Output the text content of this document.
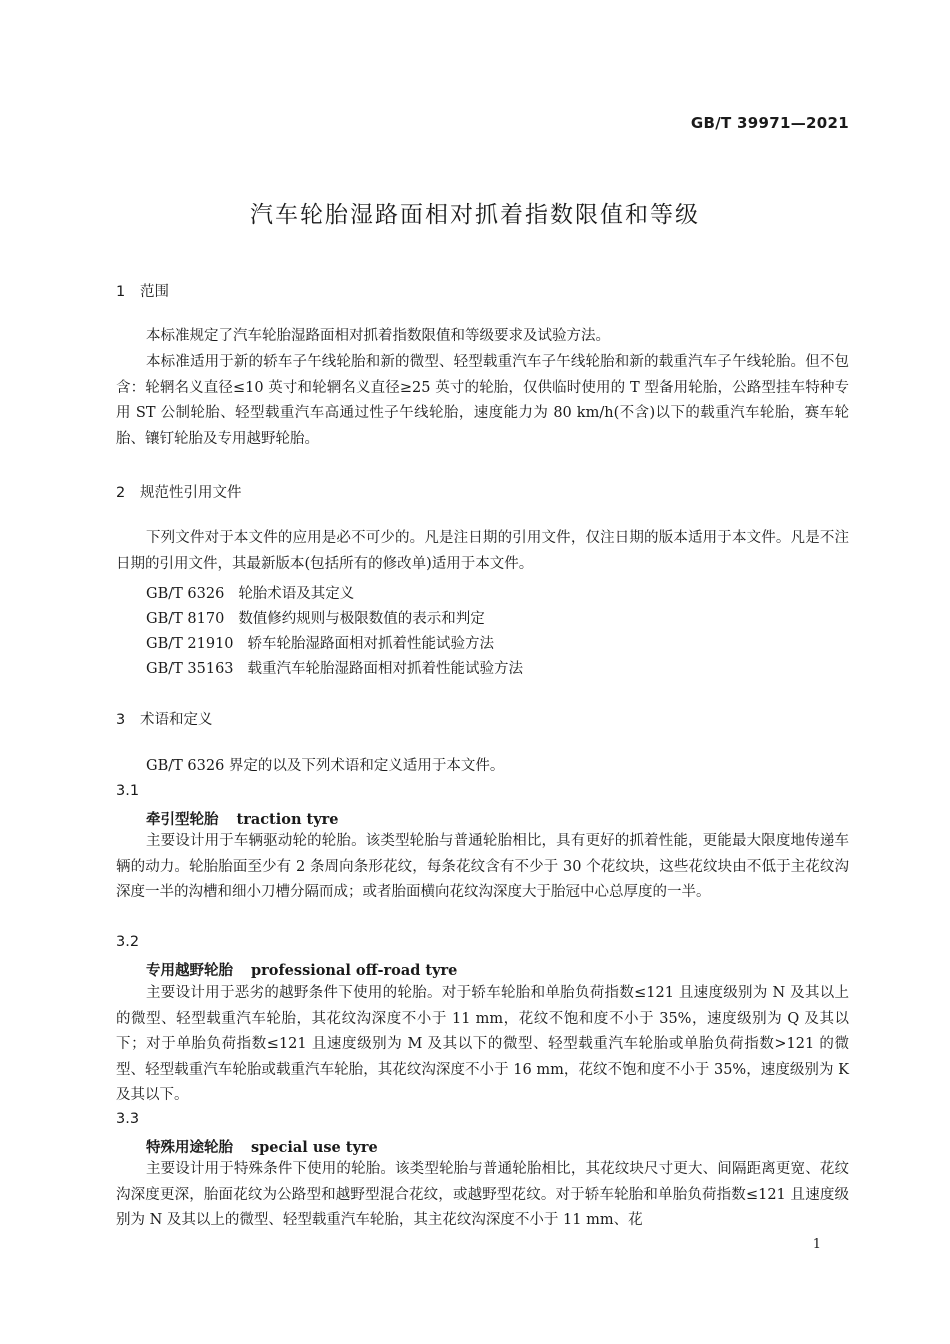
GB/T 39971—2021
汽车轮胎湿路面相对抓着指数限值和等级
1 范围

本标准规定了汽车轮胎湿路面相对抓着指数限值和等级要求及试验方法。

本标准适用于新的轿车子午线轮胎和新的微型、轻型载重汽车子午线轮胎和新的载重汽车子午线轮胎。但不包含：轮辋名义直径≤10 英寸和轮辋名义直径≥25 英寸的轮胎，仅供临时使用的 T 型备用轮胎，公路型挂车特种专用 ST 公制轮胎、轻型载重汽车高通过性子午线轮胎，速度能力为 80 km/h(不含)以下的载重汽车轮胎，赛车轮胎、镶钉轮胎及专用越野轮胎。

2 规范性引用文件

下列文件对于本文件的应用是必不可少的。凡是注日期的引用文件，仅注日期的版本适用于本文件。凡是不注日期的引用文件，其最新版本(包括所有的修改单)适用于本文件。

GB/T 6326 轮胎术语及其定义
GB/T 8170 数值修约规则与极限数值的表示和判定
GB/T 21910 轿车轮胎湿路面相对抓着性能试验方法
GB/T 35163 载重汽车轮胎湿路面相对抓着性能试验方法
3 术语和定义

GB/T 6326 界定的以及下列术语和定义适用于本文件。

3.1
牵引型轮胎 traction tyre

主要设计用于车辆驱动轮的轮胎。该类型轮胎与普通轮胎相比，具有更好的抓着性能，更能最大限度地传递车辆的动力。轮胎胎面至少有 2 条周向条形花纹，每条花纹含有不少于 30 个花纹块，这些花纹块由不低于主花纹沟深度一半的沟槽和细小刀槽分隔而成；或者胎面横向花纹沟深度大于胎冠中心总厚度的一半。

3.2
专用越野轮胎 professional off-road tyre

主要设计用于恶劣的越野条件下使用的轮胎。对于轿车轮胎和单胎负荷指数≤121 且速度级别为 N 及其以上的微型、轻型载重汽车轮胎，其花纹沟深度不小于 11 mm，花纹不饱和度不小于 35%，速度级别为 Q 及其以下；对于单胎负荷指数≤121 且速度级别为 M 及其以下的微型、轻型载重汽车轮胎或单胎负荷指数>121 的微型、轻型载重汽车轮胎或载重汽车轮胎，其花纹沟深度不小于 16 mm，花纹不饱和度不小于 35%，速度级别为 K 及其以下。

3.3
特殊用途轮胎 special use tyre

主要设计用于特殊条件下使用的轮胎。该类型轮胎与普通轮胎相比，其花纹块尺寸更大、间隔距离更宽、花纹沟深度更深，胎面花纹为公路型和越野型混合花纹，或越野型花纹。对于轿车轮胎和单胎负荷指数≤121 且速度级别为 N 及其以上的微型、轻型载重汽车轮胎，其主花纹沟深度不小于 11 mm、花

1
